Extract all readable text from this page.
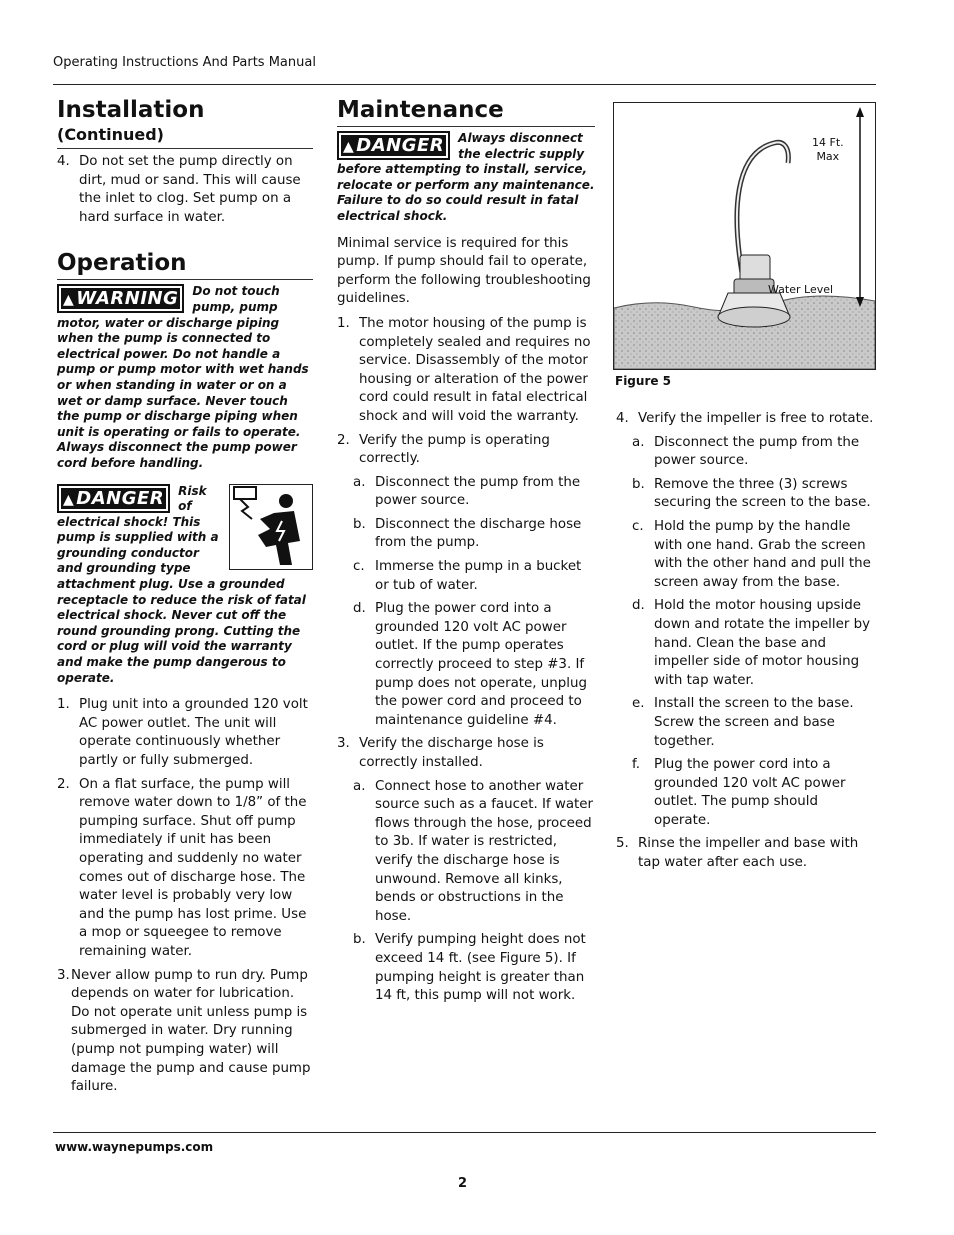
Operating Instructions And Parts Manual
Installation
(Continued)
4. Do not set the pump directly on dirt, mud or sand. This will cause the inlet to clog. Set pump on a hard surface in water.
Operation
▲ WARNING	Do not touch pump, pump motor, water or discharge piping when the pump is connected to electrical power. Do not handle a pump or pump motor with wet hands or when standing in water or on a wet or damp surface. Never touch the pump or discharge piping when unit is operating or fails to operate. Always disconnect the pump power cord before handling.
▲ DANGER	Risk of electrical shock! This pump is supplied with a grounding conductor and grounding type attachment plug. Use a grounded receptacle to reduce the risk of fatal electrical shock. Never cut off the round grounding prong. Cutting the cord or plug will void the warranty and make the pump dangerous to operate.
1. Plug unit into a grounded 120 volt AC power outlet. The unit will operate continuously whether partly or fully submerged.
2. On a flat surface, the pump will remove water down to 1/8” of the pumping surface. Shut off pump immediately if unit has been operating and suddenly no water comes out of discharge hose. The water level is probably very low and the pump has lost prime. Use a mop or squeegee to remove remaining water.
3. Never allow pump to run dry. Pump depends on water for lubrication. Do not operate unit unless pump is submerged in water. Dry running (pump not pumping water) will damage the pump and cause pump failure.
Maintenance
▲ DANGER	Always disconnect the electric supply before attempting to install, service, relocate or perform any maintenance. Failure to do so could result in fatal electrical shock.

Minimal service is required for this pump. If pump should fail to operate, perform the following troubleshooting guidelines.

1. The motor housing of the pump is completely sealed and requires no service. Disassembly of the motor housing or alteration of the power cord could result in fatal electrical shock and will void the warranty.
2. Verify the pump is operating correctly.
a. Disconnect the pump from the power source.
b. Disconnect the discharge hose from the pump.
c. Immerse the pump in a bucket or tub of water.
d. Plug the power cord into a grounded 120 volt AC power outlet. If the pump operates correctly proceed to step #3. If pump does not operate, unplug the power cord and proceed to maintenance guideline #4.
3. Verify the discharge hose is correctly installed.
a. Connect hose to another water source such as a faucet. If water flows through the hose, proceed to 3b. If water is restricted, verify the discharge hose is unwound. Remove all kinks, bends or obstructions in the hose.
b. Verify pumping height does not exceed 14 ft. (see Figure 5). If pumping height is greater than 14 ft, this pump will not work.
14 Ft.
Max
Water Level
Figure 5
4. Verify the impeller is free to rotate.
a. Disconnect the pump from the power source.
b. Remove the three (3) screws securing the screen to the base.
c. Hold the pump by the handle with one hand. Grab the screen with the other hand and pull the screen away from the base.
d. Hold the motor housing upside down and rotate the impeller by hand. Clean the base and impeller side of motor housing with tap water.
e. Install the screen to the base. Screw the screen and base together.
f.	Plug the power cord into a grounded 120 volt AC power outlet. The pump should operate.
5. Rinse the impeller and base with tap water after each use.
www.waynepumps.com
2
